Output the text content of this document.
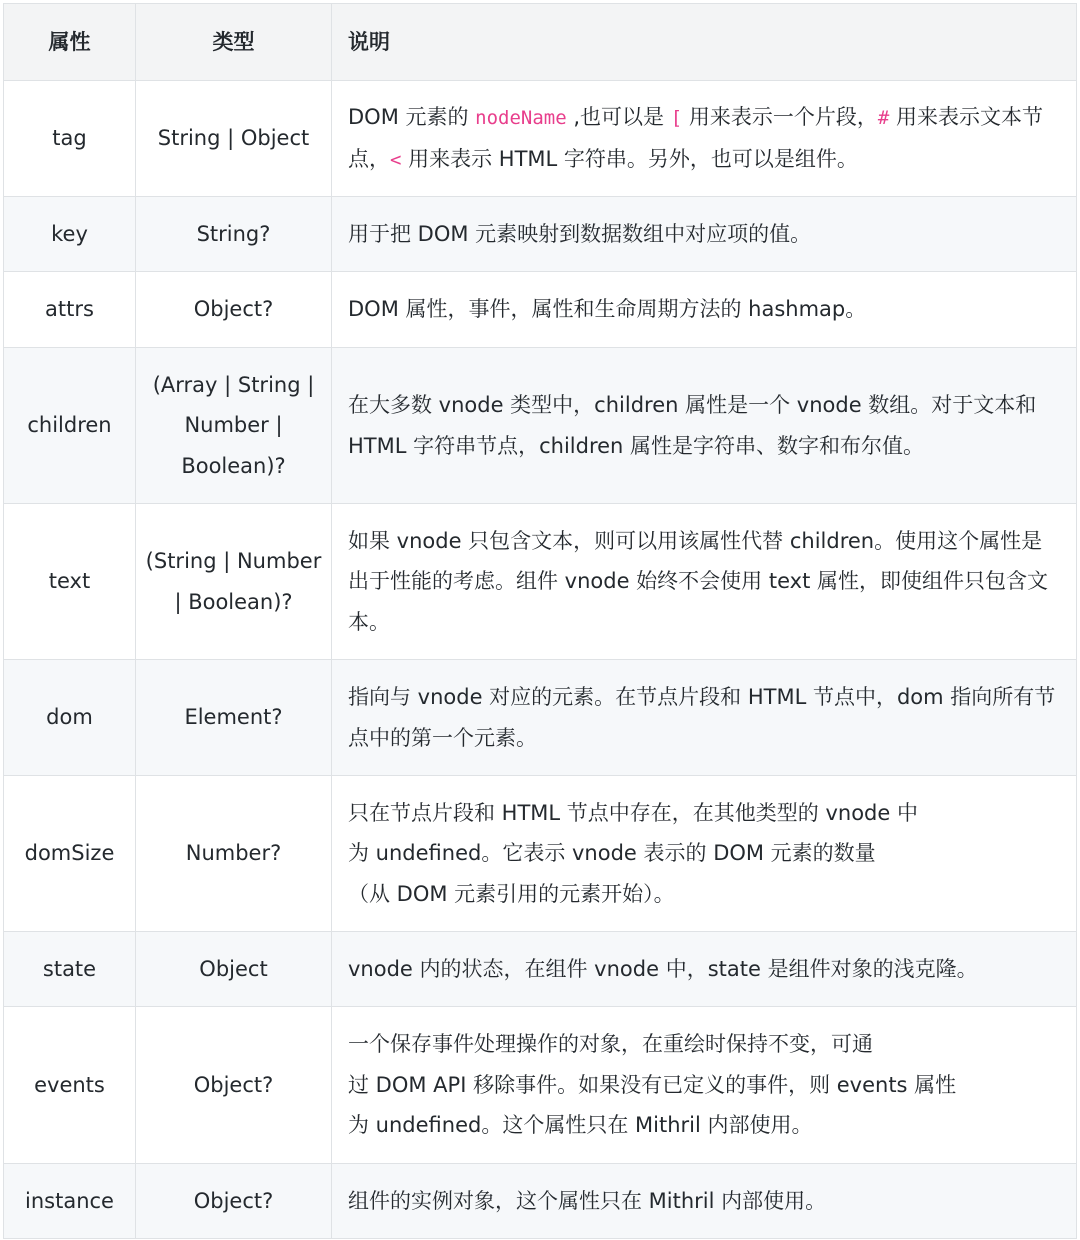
属性	类型	说明
tag	String | Object	DOM 元素的 nodeName ,也可以是 [ 用来表示一个片段，# 用来表示文本节点，< 用来表示 HTML 字符串。另外，也可以是组件。
key	String?	用于把 DOM 元素映射到数据数组中对应项的值。
attrs	Object?	DOM 属性，事件，属性和生命周期方法的 hashmap。
children	(Array | String | Number | Boolean)?	在大多数 vnode 类型中，children 属性是一个 vnode 数组。对于文本和 HTML 字符串节点，children 属性是字符串、数字和布尔值。
text	(String | Number | Boolean)?	如果 vnode 只包含文本，则可以用该属性代替 children。使用这个属性是出于性能的考虑。组件 vnode 始终不会使用 text 属性，即使组件只包含文本。
dom	Element?	指向与 vnode 对应的元素。在节点片段和 HTML 节点中，dom 指向所有节点中的第一个元素。
domSize	Number?	只在节点片段和 HTML 节点中存在，在其他类型的 vnode 中
为 undefined。它表示 vnode 表示的 DOM 元素的数量
（从 DOM 元素引用的元素开始）。

state	Object	vnode 内的状态，在组件 vnode 中，state 是组件对象的浅克隆。
events	Object?	一个保存事件处理操作的对象，在重绘时保持不变，可通
过 DOM API 移除事件。如果没有已定义的事件，则 events 属性
为 undefined。这个属性只在 Mithril 内部使用。

instance	Object?	组件的实例对象，这个属性只在 Mithril 内部使用。
